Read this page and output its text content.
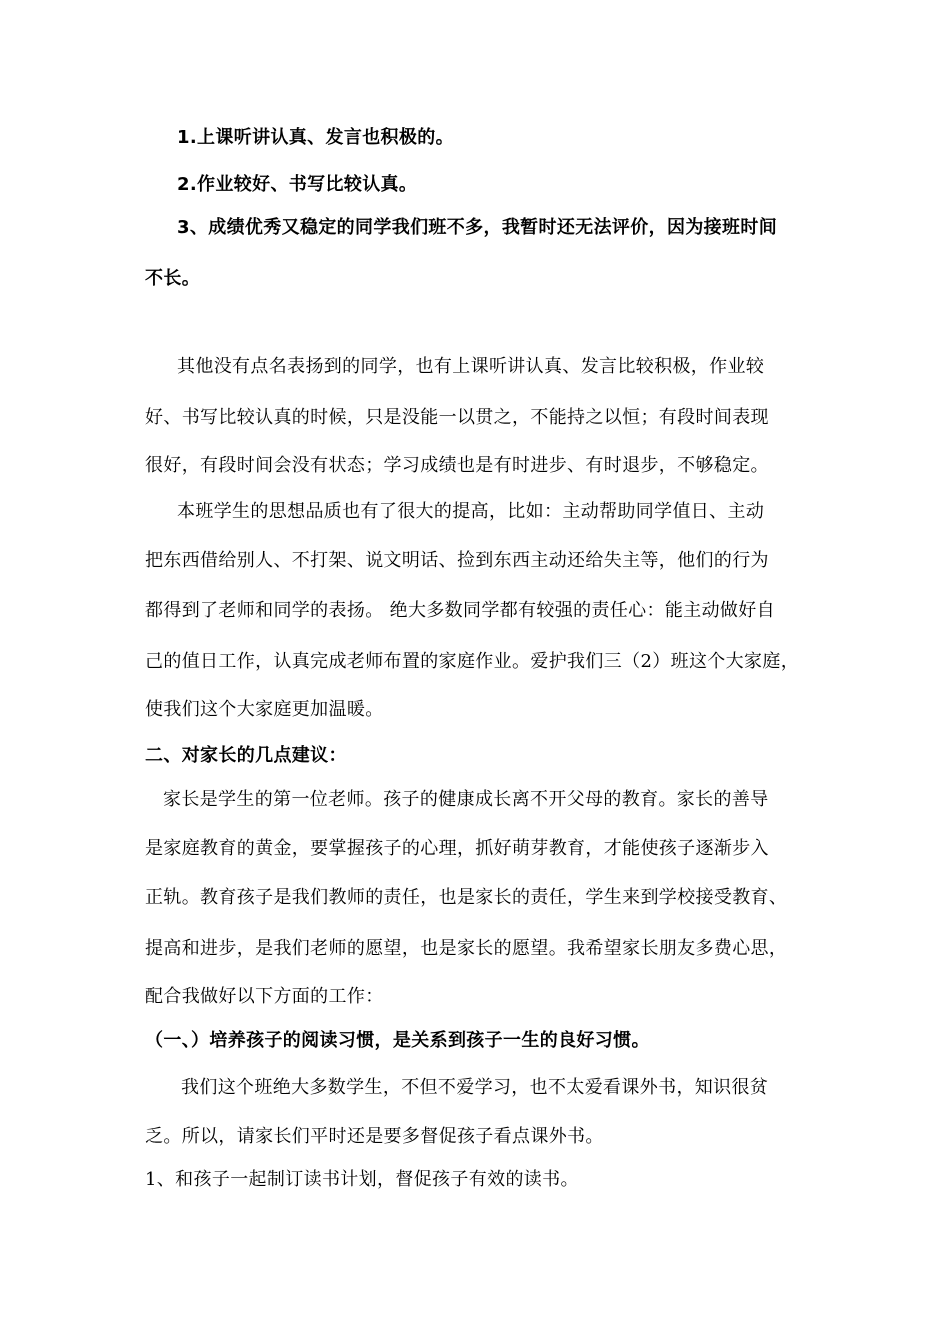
1.上课听讲认真、发言也积极的。
2.作业较好、书写比较认真。
3、成绩优秀又稳定的同学我们班不多，我暂时还无法评价，因为接班时间
不长。
其他没有点名表扬到的同学，也有上课听讲认真、发言比较积极，作业较
好、书写比较认真的时候，只是没能一以贯之，不能持之以恒；有段时间表现
很好，有段时间会没有状态；学习成绩也是有时进步、有时退步，不够稳定。
本班学生的思想品质也有了很大的提高，比如：主动帮助同学值日、主动
把东西借给别人、不打架、说文明话、捡到东西主动还给失主等，他们的行为
都得到了老师和同学的表扬。 绝大多数同学都有较强的责任心：能主动做好自
己的值日工作，认真完成老师布置的家庭作业。爱护我们三（2）班这个大家庭，
使我们这个大家庭更加温暖。
二、对家长的几点建议：
家长是学生的第一位老师。孩子的健康成长离不开父母的教育。家长的善导
是家庭教育的黄金，要掌握孩子的心理，抓好萌芽教育，才能使孩子逐渐步入
正轨。教育孩子是我们教师的责任，也是家长的责任，学生来到学校接受教育、
提高和进步，是我们老师的愿望，也是家长的愿望。我希望家长朋友多费心思，
配合我做好以下方面的工作：
（一、）培养孩子的阅读习惯，是关系到孩子一生的良好习惯。
我们这个班绝大多数学生，不但不爱学习，也不太爱看课外书，知识很贫
乏。所以，请家长们平时还是要多督促孩子看点课外书。
1、和孩子一起制订读书计划，督促孩子有效的读书。
